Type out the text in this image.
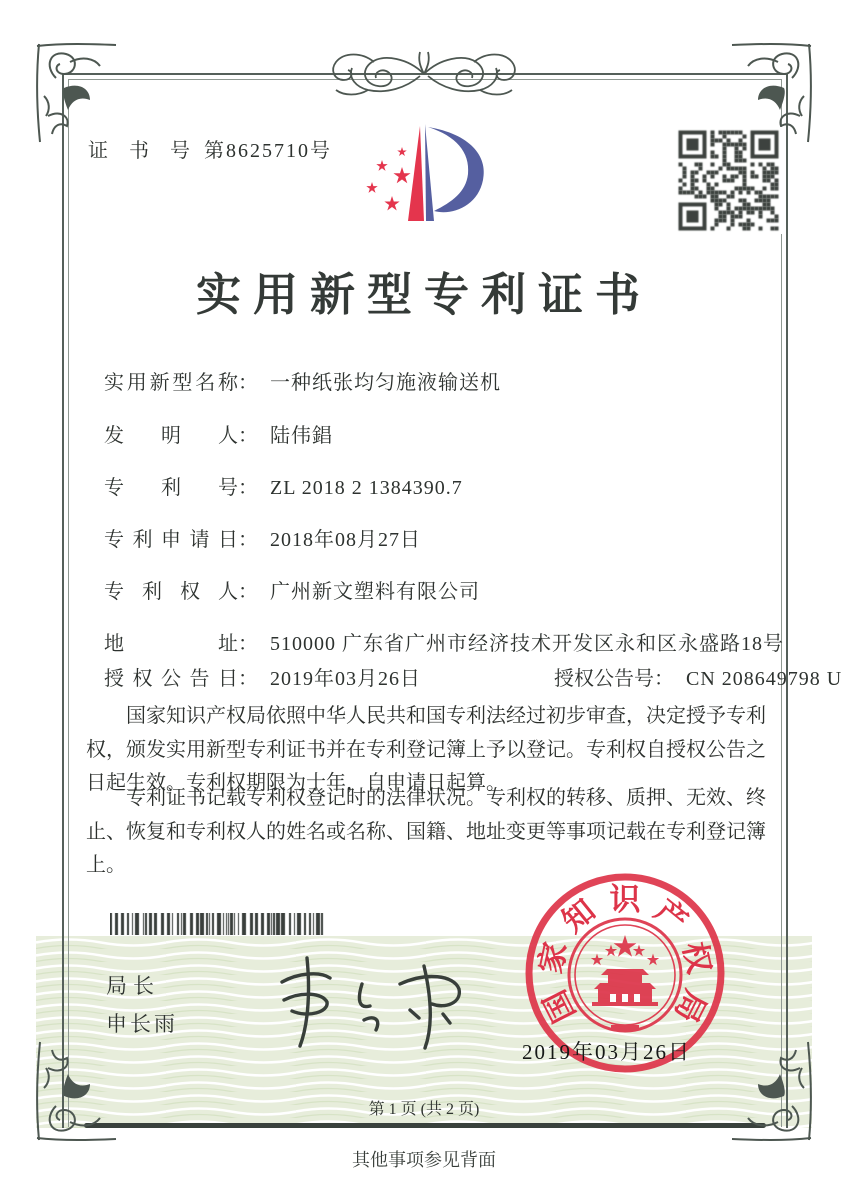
证 书 号 第8625710号
实用新型专利证书
实 用 新 型 名 称 ： 一种纸张均匀施液输送机
发 明 人 ： 陆伟錩
专 利 号 ： ZL 2018 2 1384390.7
专 利 申 请 日 ： 2018年08月27日
专 利 权 人 ： 广州新文塑料有限公司
地	址 ： 510000 广东省广州市经济技术开发区永和区永盛路18号
授 权 公 告 日 ： 2019年03月26日	授权公告号： CN 208649798 U
国家知识产权局依照中华人民共和国专利法经过初步审查，决定授予专利权，颁发实用新型专利证书并在专利登记簿上予以登记。专利权自授权公告之日起生效。专利权期限为十年，自申请日起算。
专利证书记载专利权登记时的法律状况。专利权的转移、质押、无效、终止、恢复和专利权人的姓名或名称、国籍、地址变更等事项记载在专利登记簿上。
局长
申长雨	国
家
知 识 产
权
局
2019年03月26日
第 1 页 (共 2 页)
其他事项参见背面
